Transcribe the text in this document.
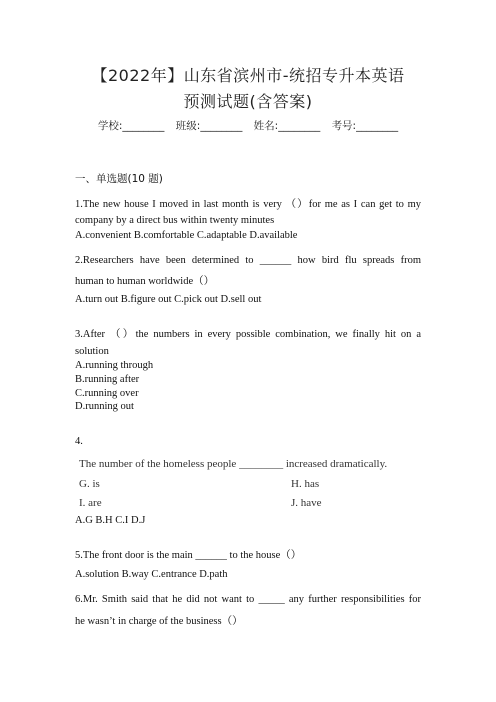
【2022年】山东省滨州市-统招专升本英语
预测试题(含答案)
学校:________ 班级:________ 姓名:________ 考号:________
一、单选题(10 题)
1.The new house I moved in last month is very （）for me as I can get to my
company by a direct bus within twenty minutes
A.convenient B.comfortable C.adaptable D.available
2.Researchers have been determined to ______ how bird flu spreads from
human to human worldwide（）
A.turn out B.figure out C.pick out D.sell out
3.After （）the numbers in every possible combination, we finally hit on a
solution
A.running through
B.running after
C.running over
D.running out
4.
The number of the homeless people ________ increased dramatically.
G. is	H. has
I. are	J. have
A.G B.H C.I D.J
5.The front door is the main ______ to the house（）
A.solution B.way C.entrance D.path
6.Mr. Smith said that he did not want to _____ any further responsibilities for
he wasn’t in charge of the business（）
